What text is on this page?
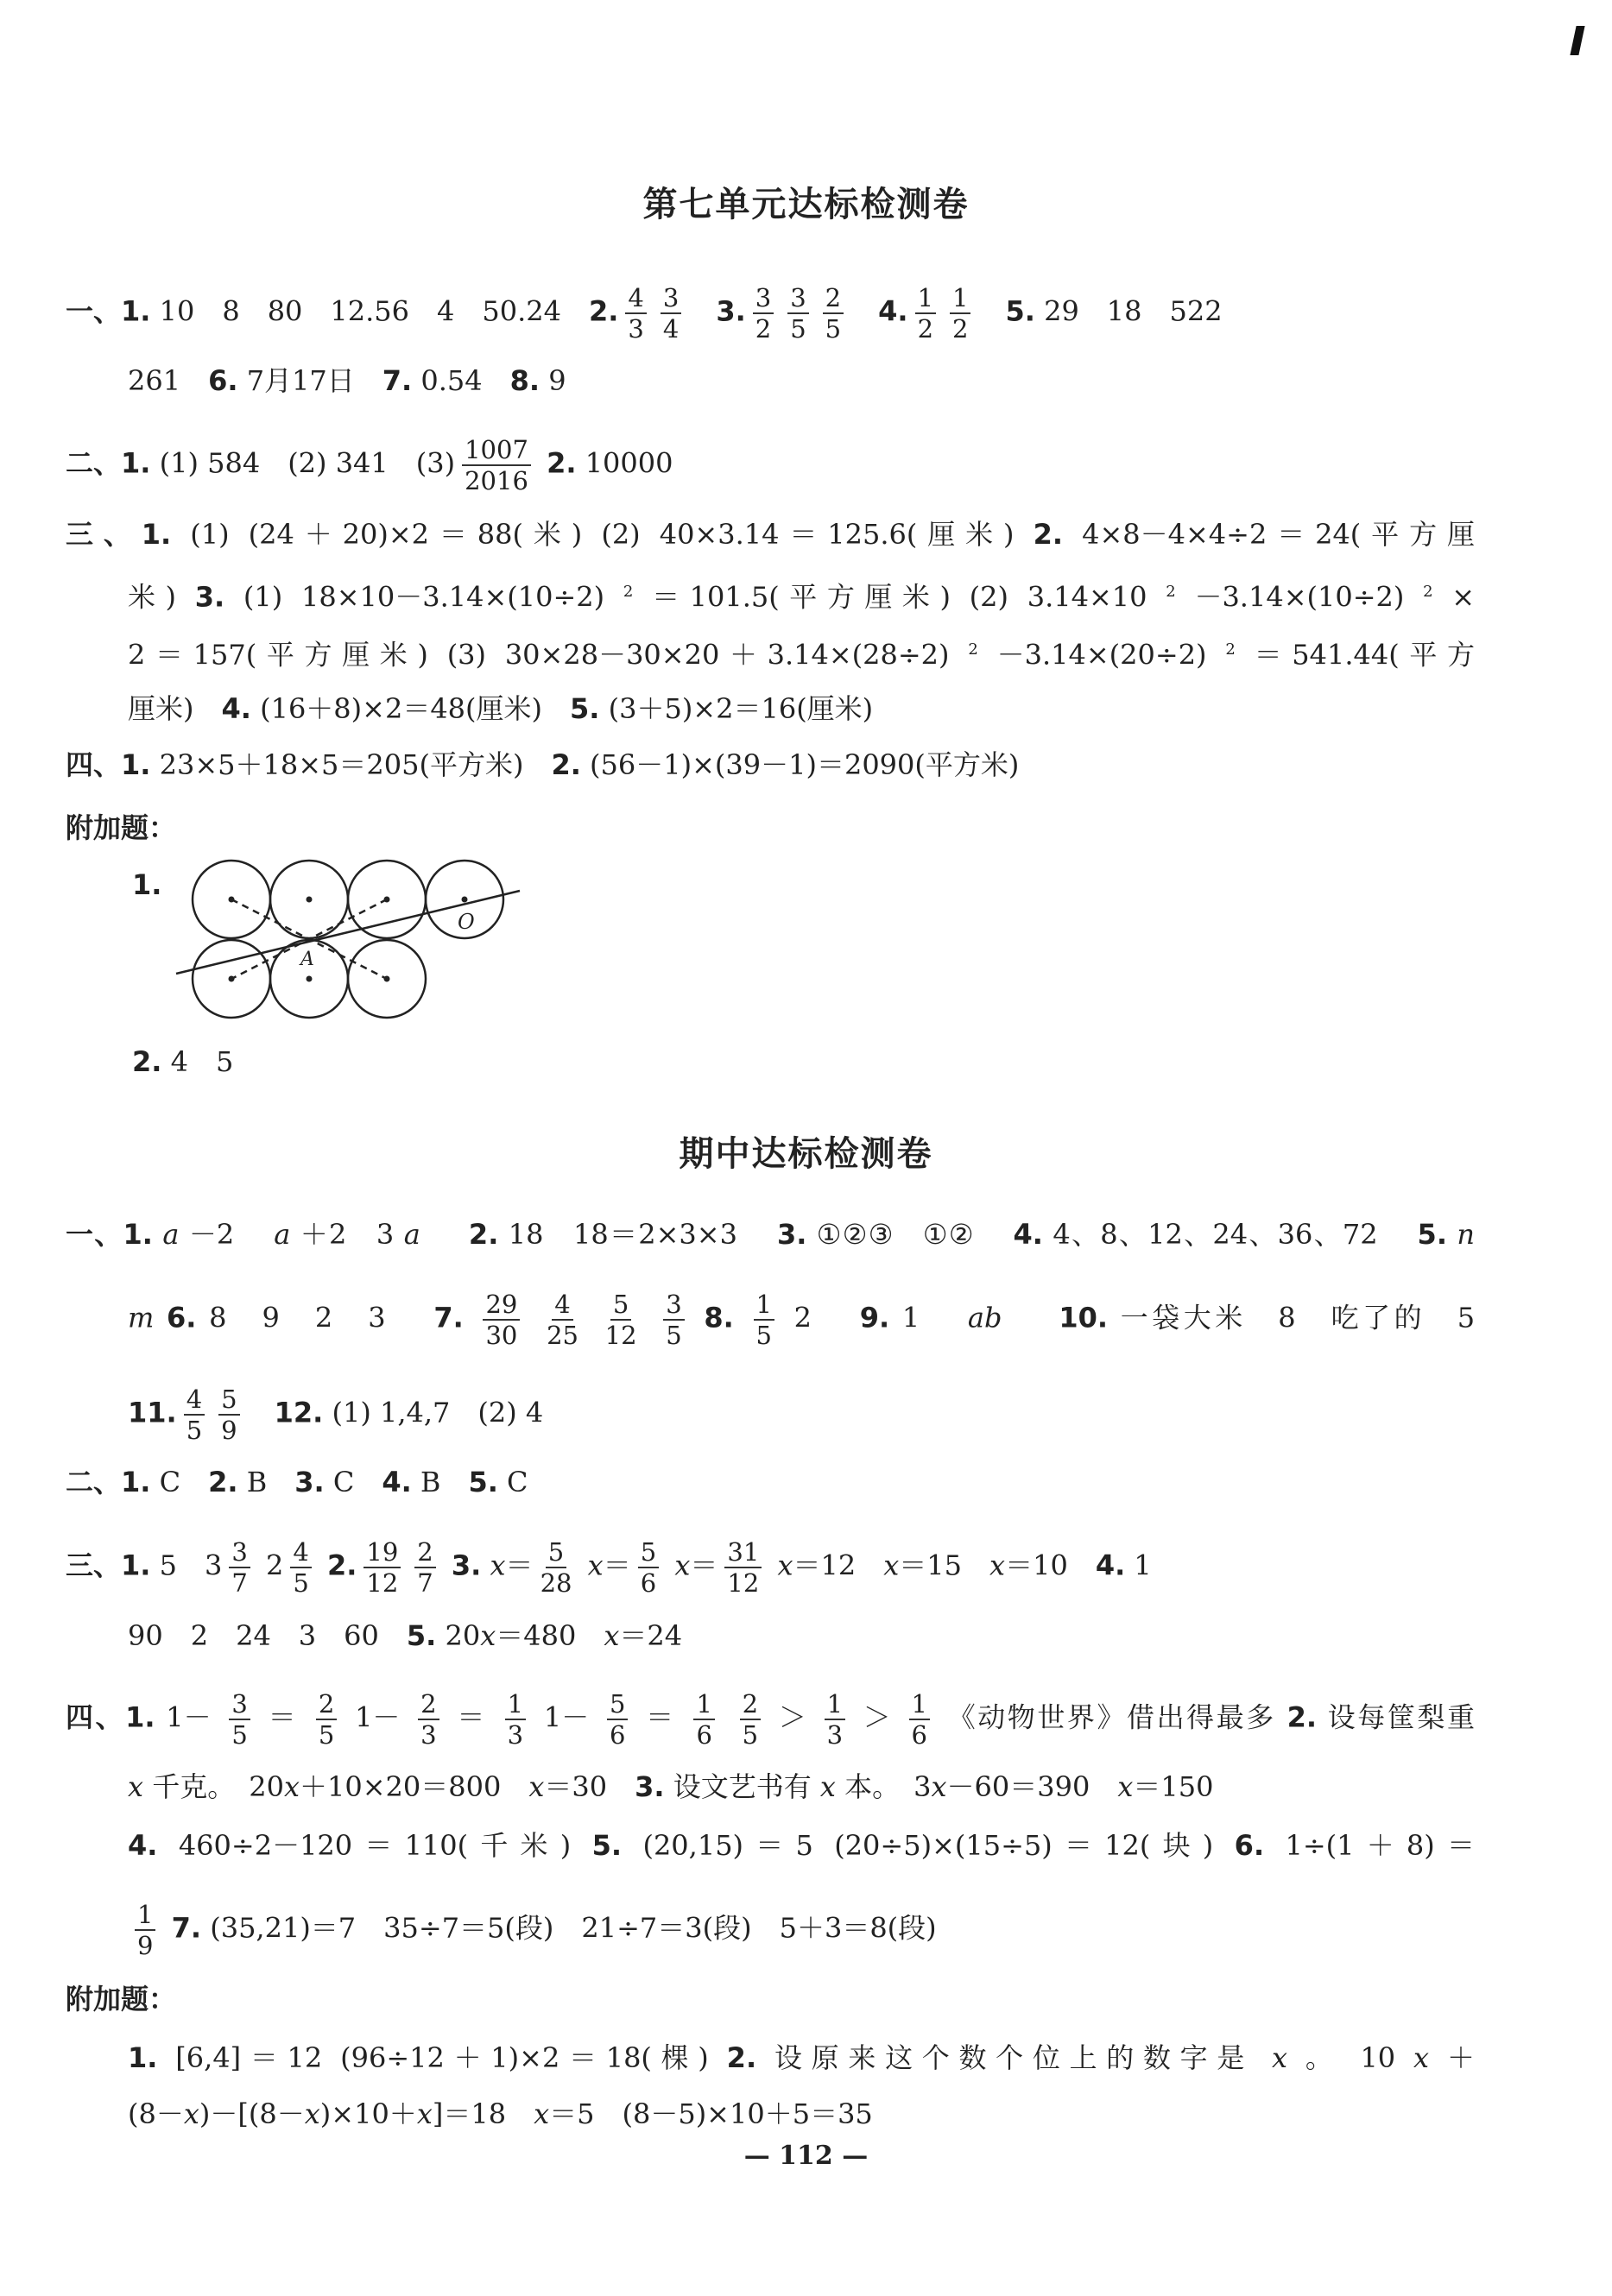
第七单元达标检测卷
一、1. 10　8　80　12.56　4　50.24　2. $\frac{4}{3} \frac{3}{4}$
　 3. $\frac{3}{2} \frac{3}{5} \frac{2}{5}$
　 4. $\frac{1}{2} \frac{1}{2}$
　 5. 29　18　522
261　6. 7月17日　7. 0.54　8. 9
二、1. (1) 584　(2) 341　$(3) \frac{1007}{2016} 2$. 10000
三、1. (1) (24＋20)×2＝88(米) (2) 40×3.14＝125.6(厘米) 2. 4×8－4×4÷2＝24(平方厘
米) 3. (1) 18×10－3.14×(10÷2) $^2$ ＝101.5(平方厘米) (2) 3.14×10 $^2$ －3.14×(10÷2) $^2$ ×
2＝157(平方厘米) (3) 30×28－30×20＋3.14×(28÷2) $^2$ －3.14×(20÷2) $^2$ ＝541.44(平方
厘米)　4. (16＋8)×2＝48(厘米)　5. (3＋5)×2＝16(厘米)
四、1. 23×5＋18×5＝205(平方米)　2. (56－1)×(39－1)＝2090(平方米)
附加题：
1.
2. 4　5
O
A
期中达标检测卷
一、1. a －2　 a ＋2　3 a 　 2. 18　18＝2×3×3　 3. ①②③　①②　 4. 4、8、12、24、36、72　 5. n
m 6. 8　9　2　3　 7. $\frac{29}{30}$
$\frac{4}{25}$
$\frac{5}{12}$
$\frac{3}{5} 8$. $\frac{1}{5} 2$　 9. 1　 ab 　 10. 一袋大米　8　吃了的　5
11. $\frac{4}{5} \frac{5}{9}$
　 12. (1) 1,4,7　(2) 4
二、1. C　2. B　3. C　4. B　5. C
三、1. 5　$3 \frac{3}{7} 2 \frac{4}{5} 2$. $\frac{19}{12} \frac{2}{7} 3$. $x= \frac{5}{28} x= \frac{5}{6} x= \frac{31}{12} x=12$　x＝15　x＝10　4. 1
90　2　24　3　60　5. 20x＝480　x＝24
四、1. $1- \frac{3}{5} = \frac{2}{5} 1- \frac{2}{3} = \frac{1}{3} 1- \frac{5}{6} = \frac{1}{6}$
$\frac{2}{5} > \frac{1}{3} > \frac{1}{6}$ 《动物世界》借出得最多 2. 设每筐梨重
x 千克。　20x＋10×20＝800　x＝30　3. 设文艺书有 x 本。　3x－60＝390　x＝150
4. 460÷2－120＝110(千米) 5. (20,15)＝5 (20÷5)×(15÷5)＝12(块) 6. 1÷(1＋8)＝
$\frac{1}{9} 7$. (35,21)＝7　35÷7＝5(段)　21÷7＝3(段)　5＋3＝8(段)
附加题：
1. [6,4]＝12 (96÷12＋1)×2＝18(棵) 2. 设原来这个数个位上的数字是 x 。 10 x ＋
(8－x)－[(8－x)×10＋x]＝18　x＝5　(8－5)×10＋5＝35
— 112 —
